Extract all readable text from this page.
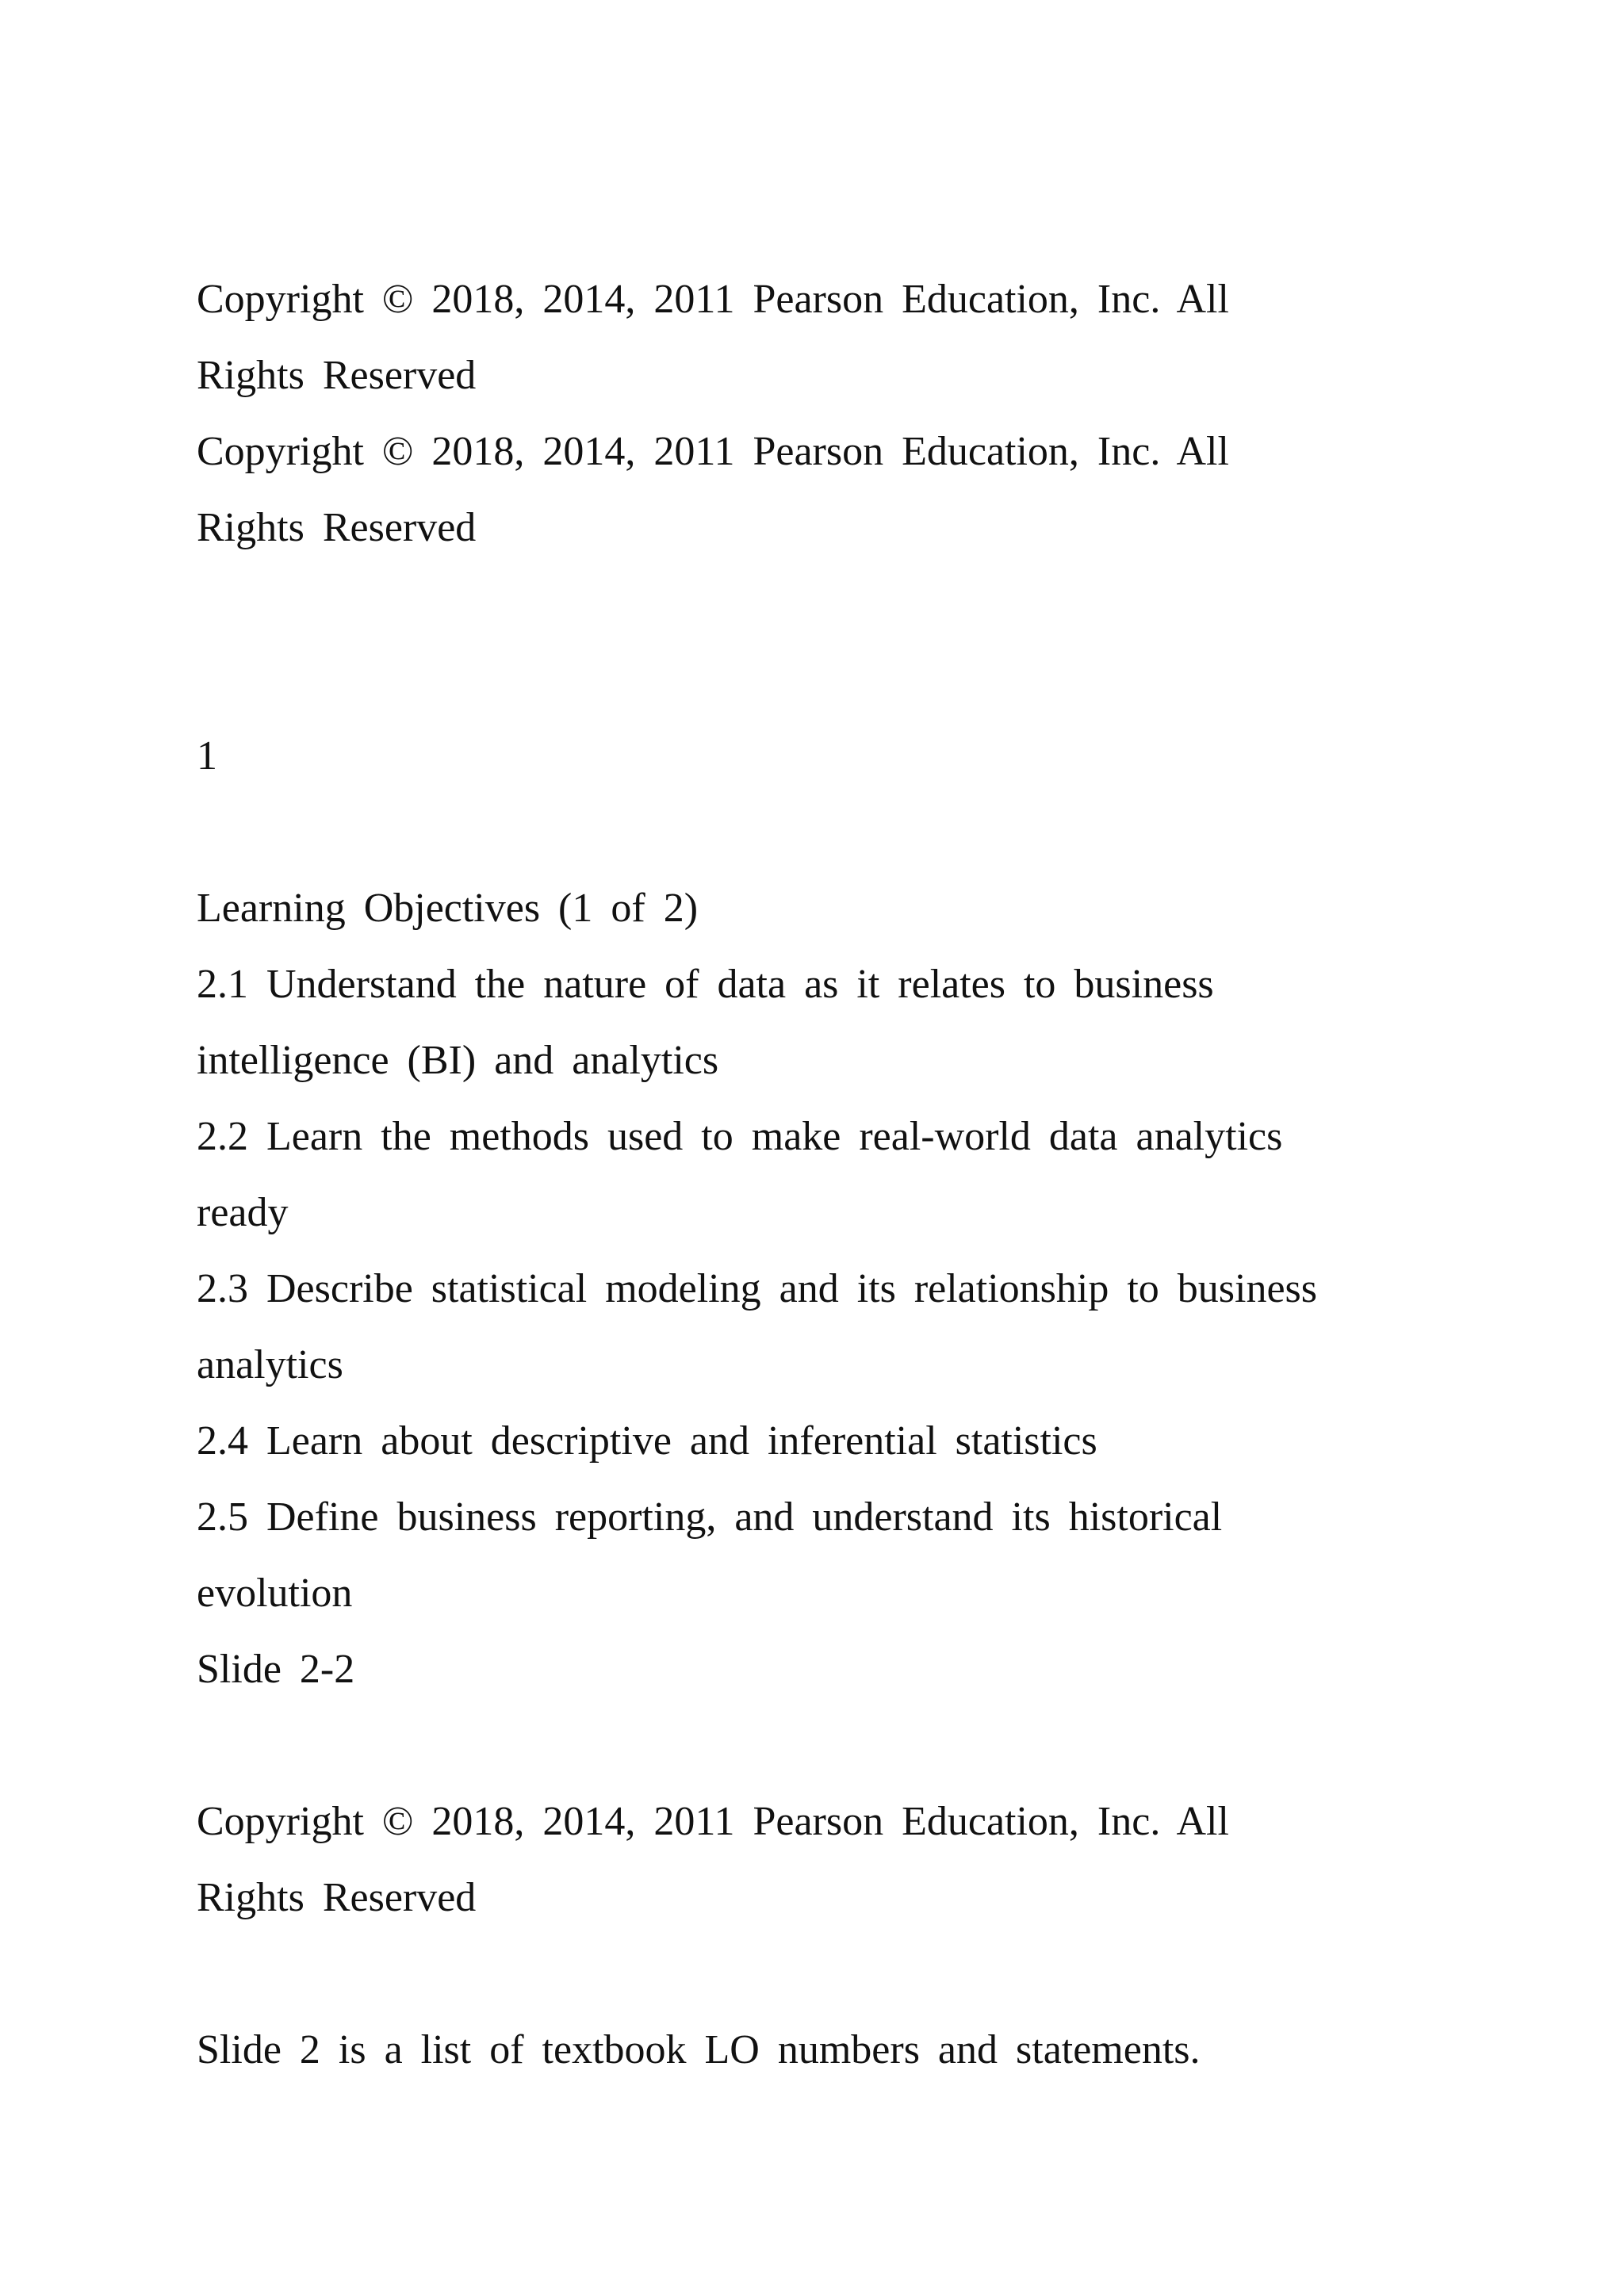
Copyright © 2018, 2014, 2011 Pearson Education, Inc. All

Rights Reserved

Copyright © 2018, 2014, 2011 Pearson Education, Inc. All

Rights Reserved

1

Learning Objectives (1 of 2)

2.1 Understand the nature of data as it relates to business

intelligence (BI) and analytics

2.2 Learn the methods used to make real-world data analytics

ready

2.3 Describe statistical modeling and its relationship to business

analytics

2.4 Learn about descriptive and inferential statistics

2.5 Define business reporting, and understand its historical

evolution

Slide 2-2

Copyright © 2018, 2014, 2011 Pearson Education, Inc. All

Rights Reserved

Slide 2 is a list of textbook LO numbers and statements.
